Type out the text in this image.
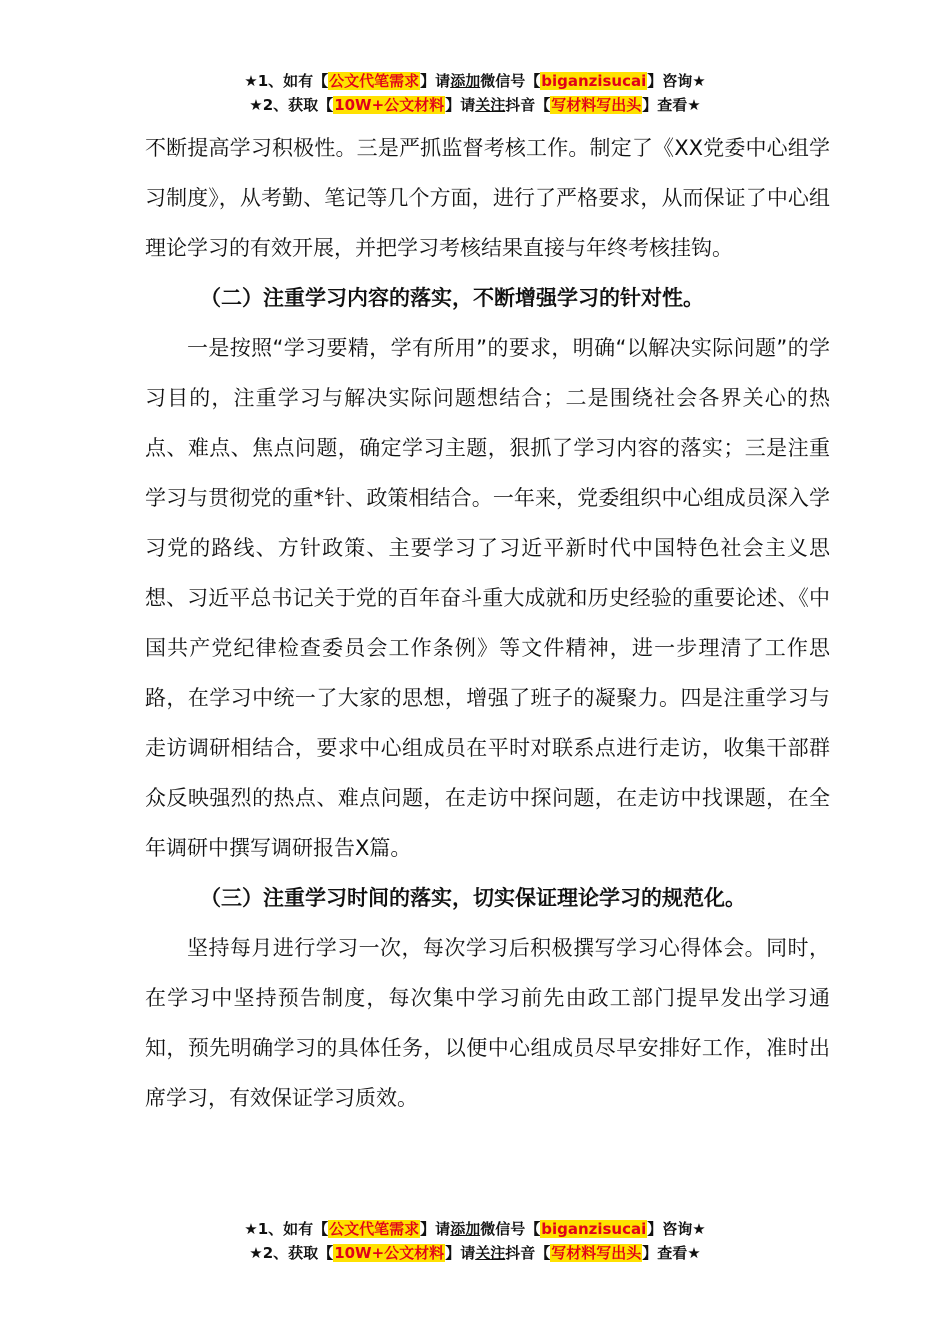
★1、如有【公文代笔需求】请添加微信号【biganzisucai】咨询★
★2、获取【10W+公文材料】请关注抖音【写材料写出头】查看★

不断提高学习积极性。三是严抓监督考核工作。制定了《XX党委中心组学习制度》，从考勤、笔记等几个方面，进行了严格要求，从而保证了中心组理论学习的有效开展，并把学习考核结果直接与年终考核挂钩。

（二）注重学习内容的落实，不断增强学习的针对性。

一是按照“学习要精，学有所用”的要求，明确“以解决实际问题”的学习目的，注重学习与解决实际问题想结合；二是围绕社会各界关心的热点、难点、焦点问题，确定学习主题，狠抓了学习内容的落实；三是注重学习与贯彻党的重*针、政策相结合。一年来，党委组织中心组成员深入学习党的路线、方针政策、主要学习了习近平新时代中国特色社会主义思想、习近平总书记关于党的百年奋斗重大成就和历史经验的重要论述、《中国共产党纪律检查委员会工作条例》等文件精神，进一步理清了工作思路，在学习中统一了大家的思想，增强了班子的凝聚力。四是注重学习与走访调研相结合，要求中心组成员在平时对联系点进行走访，收集干部群众反映强烈的热点、难点问题，在走访中探问题，在走访中找课题，在全年调研中撰写调研报告X篇。

（三）注重学习时间的落实，切实保证理论学习的规范化。

坚持每月进行学习一次，每次学习后积极撰写学习心得体会。同时，在学习中坚持预告制度，每次集中学习前先由政工部门提早发出学习通知，预先明确学习的具体任务，以便中心组成员尽早安排好工作，准时出席学习，有效保证学习质效。

★1、如有【公文代笔需求】请添加微信号【biganzisucai】咨询★
★2、获取【10W+公文材料】请关注抖音【写材料写出头】查看★
